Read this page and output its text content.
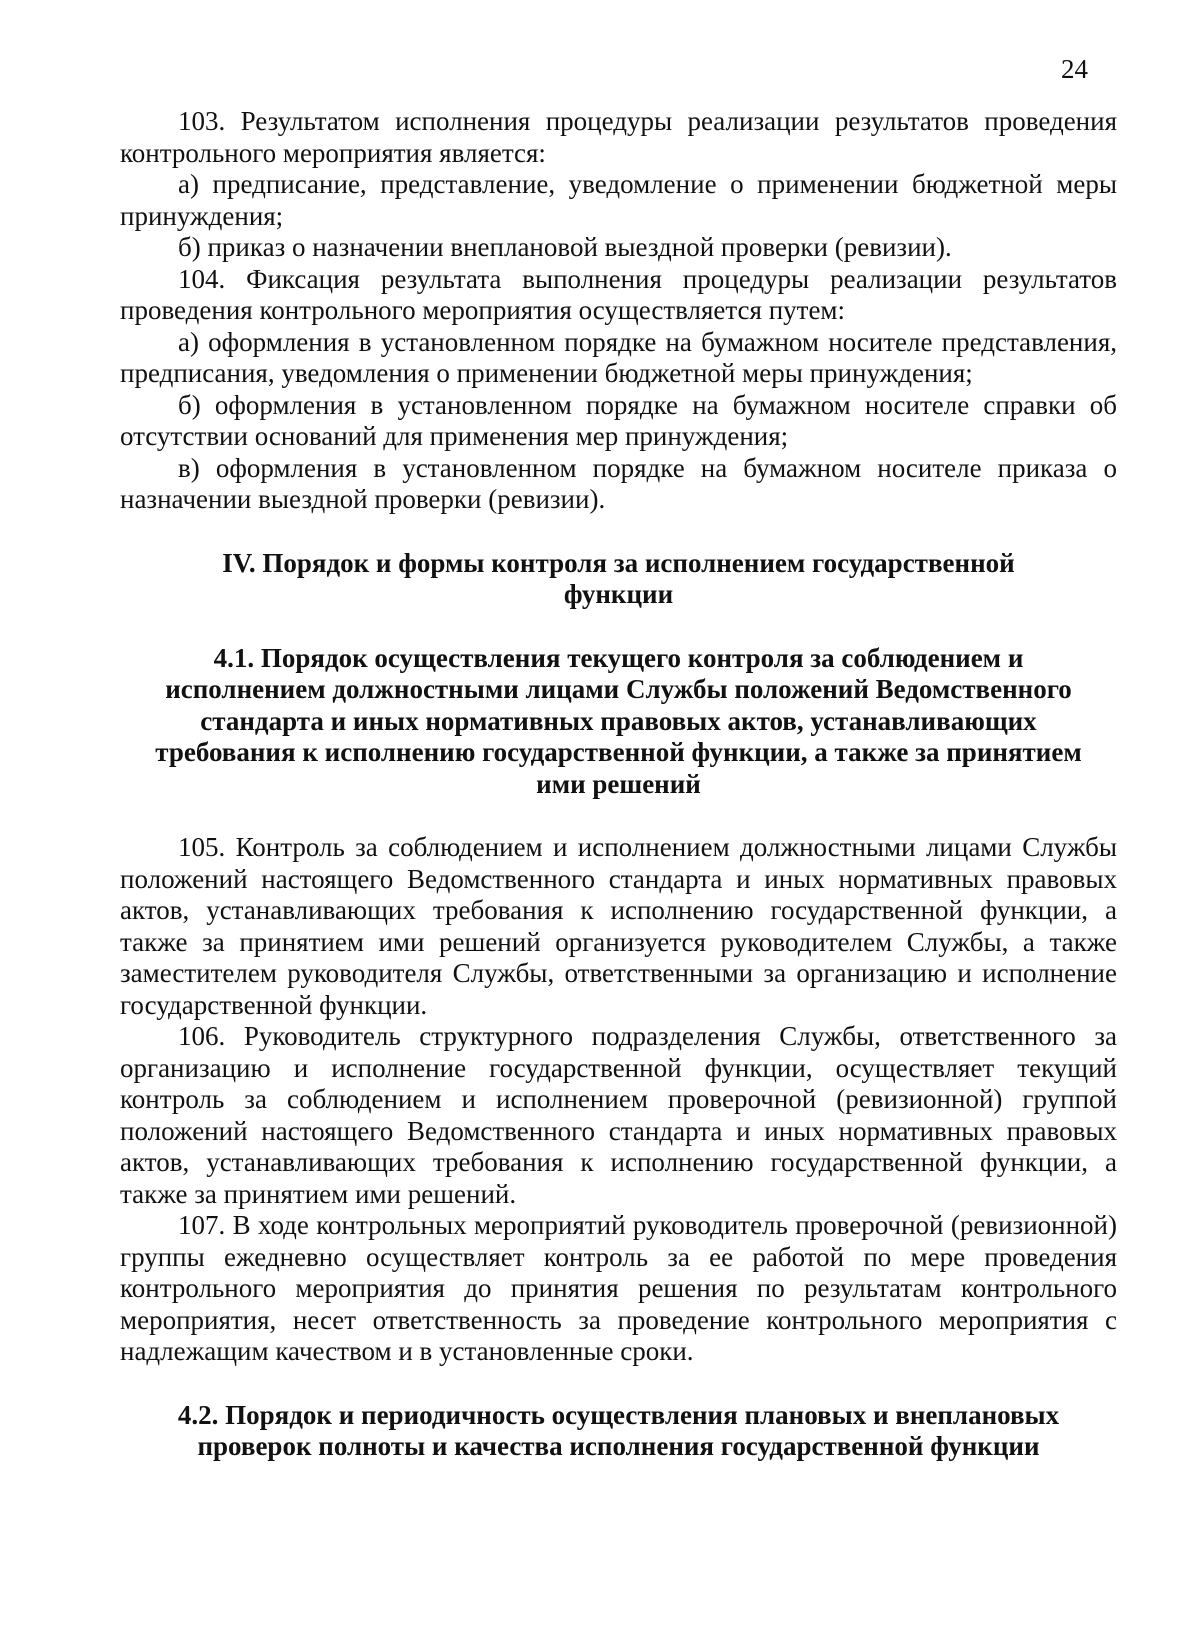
24

103. Результатом исполнения процедуры реализации результатов проведения контрольного мероприятия является:

а) предписание, представление, уведомление о применении бюджетной меры принуждения;

б) приказ о назначении внеплановой выездной проверки (ревизии).

104. Фиксация результата выполнения процедуры реализации результатов проведения контрольного мероприятия осуществляется путем:

а) оформления в установленном порядке на бумажном носителе представления, предписания, уведомления о применении бюджетной меры принуждения;

б) оформления в установленном порядке на бумажном носителе справки об отсутствии оснований для применения мер принуждения;

в) оформления в установленном порядке на бумажном носителе приказа о назначении выездной проверки (ревизии).

IV. Порядок и формы контроля за исполнением государственной
функции
4.1. Порядок осуществления текущего контроля за соблюдением и
исполнением должностными лицами Службы положений Ведомственного
стандарта и иных нормативных правовых актов, устанавливающих
требования к исполнению государственной функции, а также за принятием
ими решений

105. Контроль за соблюдением и исполнением должностными лицами Службы положений настоящего Ведомственного стандарта и иных нормативных правовых актов, устанавливающих требования к исполнению государственной функции, а также за принятием ими решений организуется руководителем Службы, а также заместителем руководителя Службы, ответственными за организацию и исполнение государственной функции.

106. Руководитель структурного подразделения Службы, ответственного за организацию и исполнение государственной функции, осуществляет текущий контроль за соблюдением и исполнением проверочной (ревизионной) группой положений настоящего Ведомственного стандарта и иных нормативных правовых актов, устанавливающих требования к исполнению государственной функции, а также за принятием ими решений.

107. В ходе контрольных мероприятий руководитель проверочной (ревизионной) группы ежедневно осуществляет контроль за ее работой по мере проведения контрольного мероприятия до принятия решения по результатам контрольного мероприятия, несет ответственность за проведение контрольного мероприятия с надлежащим качеством и в установленные сроки.

4.2. Порядок и периодичность осуществления плановых и внеплановых
проверок полноты и качества исполнения государственной функции
